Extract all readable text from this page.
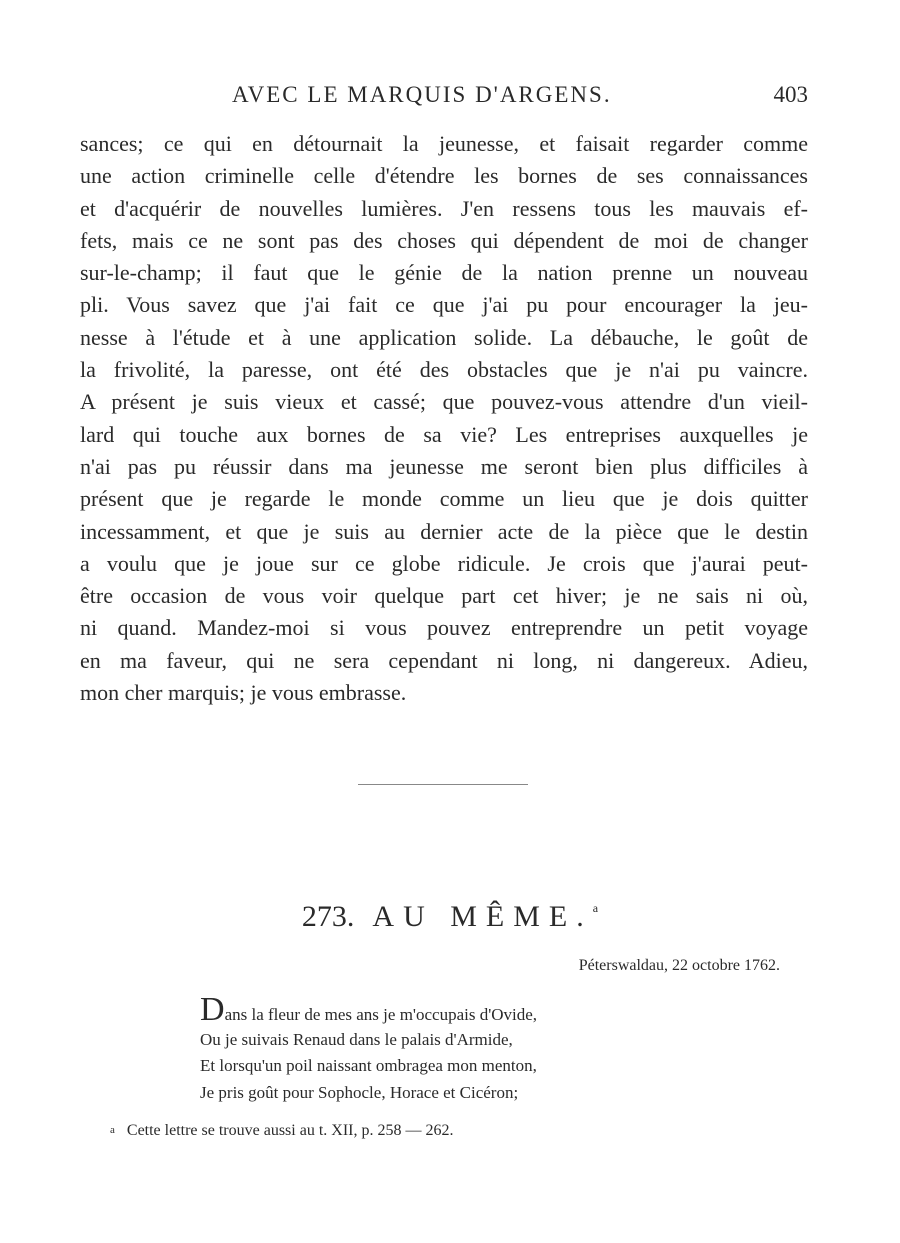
AVEC LE MARQUIS D'ARGENS.	403
sances; ce qui en détournait la jeunesse, et faisait regarder comme
une action criminelle celle d'étendre les bornes de ses connaissances
et d'acquérir de nouvelles lumières. J'en ressens tous les mauvais ef-
fets, mais ce ne sont pas des choses qui dépendent de moi de changer
sur-le-champ; il faut que le génie de la nation prenne un nouveau
pli. Vous savez que j'ai fait ce que j'ai pu pour encourager la jeu-
nesse à l'étude et à une application solide. La débauche, le goût de
la frivolité, la paresse, ont été des obstacles que je n'ai pu vaincre.
A présent je suis vieux et cassé; que pouvez-vous attendre d'un vieil-
lard qui touche aux bornes de sa vie? Les entreprises auxquelles je
n'ai pas pu réussir dans ma jeunesse me seront bien plus difficiles à
présent que je regarde le monde comme un lieu que je dois quitter
incessamment, et que je suis au dernier acte de la pièce que le destin
a voulu que je joue sur ce globe ridicule. Je crois que j'aurai peut-
être occasion de vous voir quelque part cet hiver; je ne sais ni où,
ni quand. Mandez-moi si vous pouvez entreprendre un petit voyage
en ma faveur, qui ne sera cependant ni long, ni dangereux. Adieu,
mon cher marquis; je vous embrasse.
273. AU MÊME.$^a$
Péterswaldau, 22 octobre 1762.
Dans la fleur de mes ans je m'occupais d'Ovide,
Ou je suivais Renaud dans le palais d'Armide,
Et lorsqu'un poil naissant ombragea mon menton,
Je pris goût pour Sophocle, Horace et Cicéron;
a Cette lettre se trouve aussi au t. XII, p. 258 — 262.
